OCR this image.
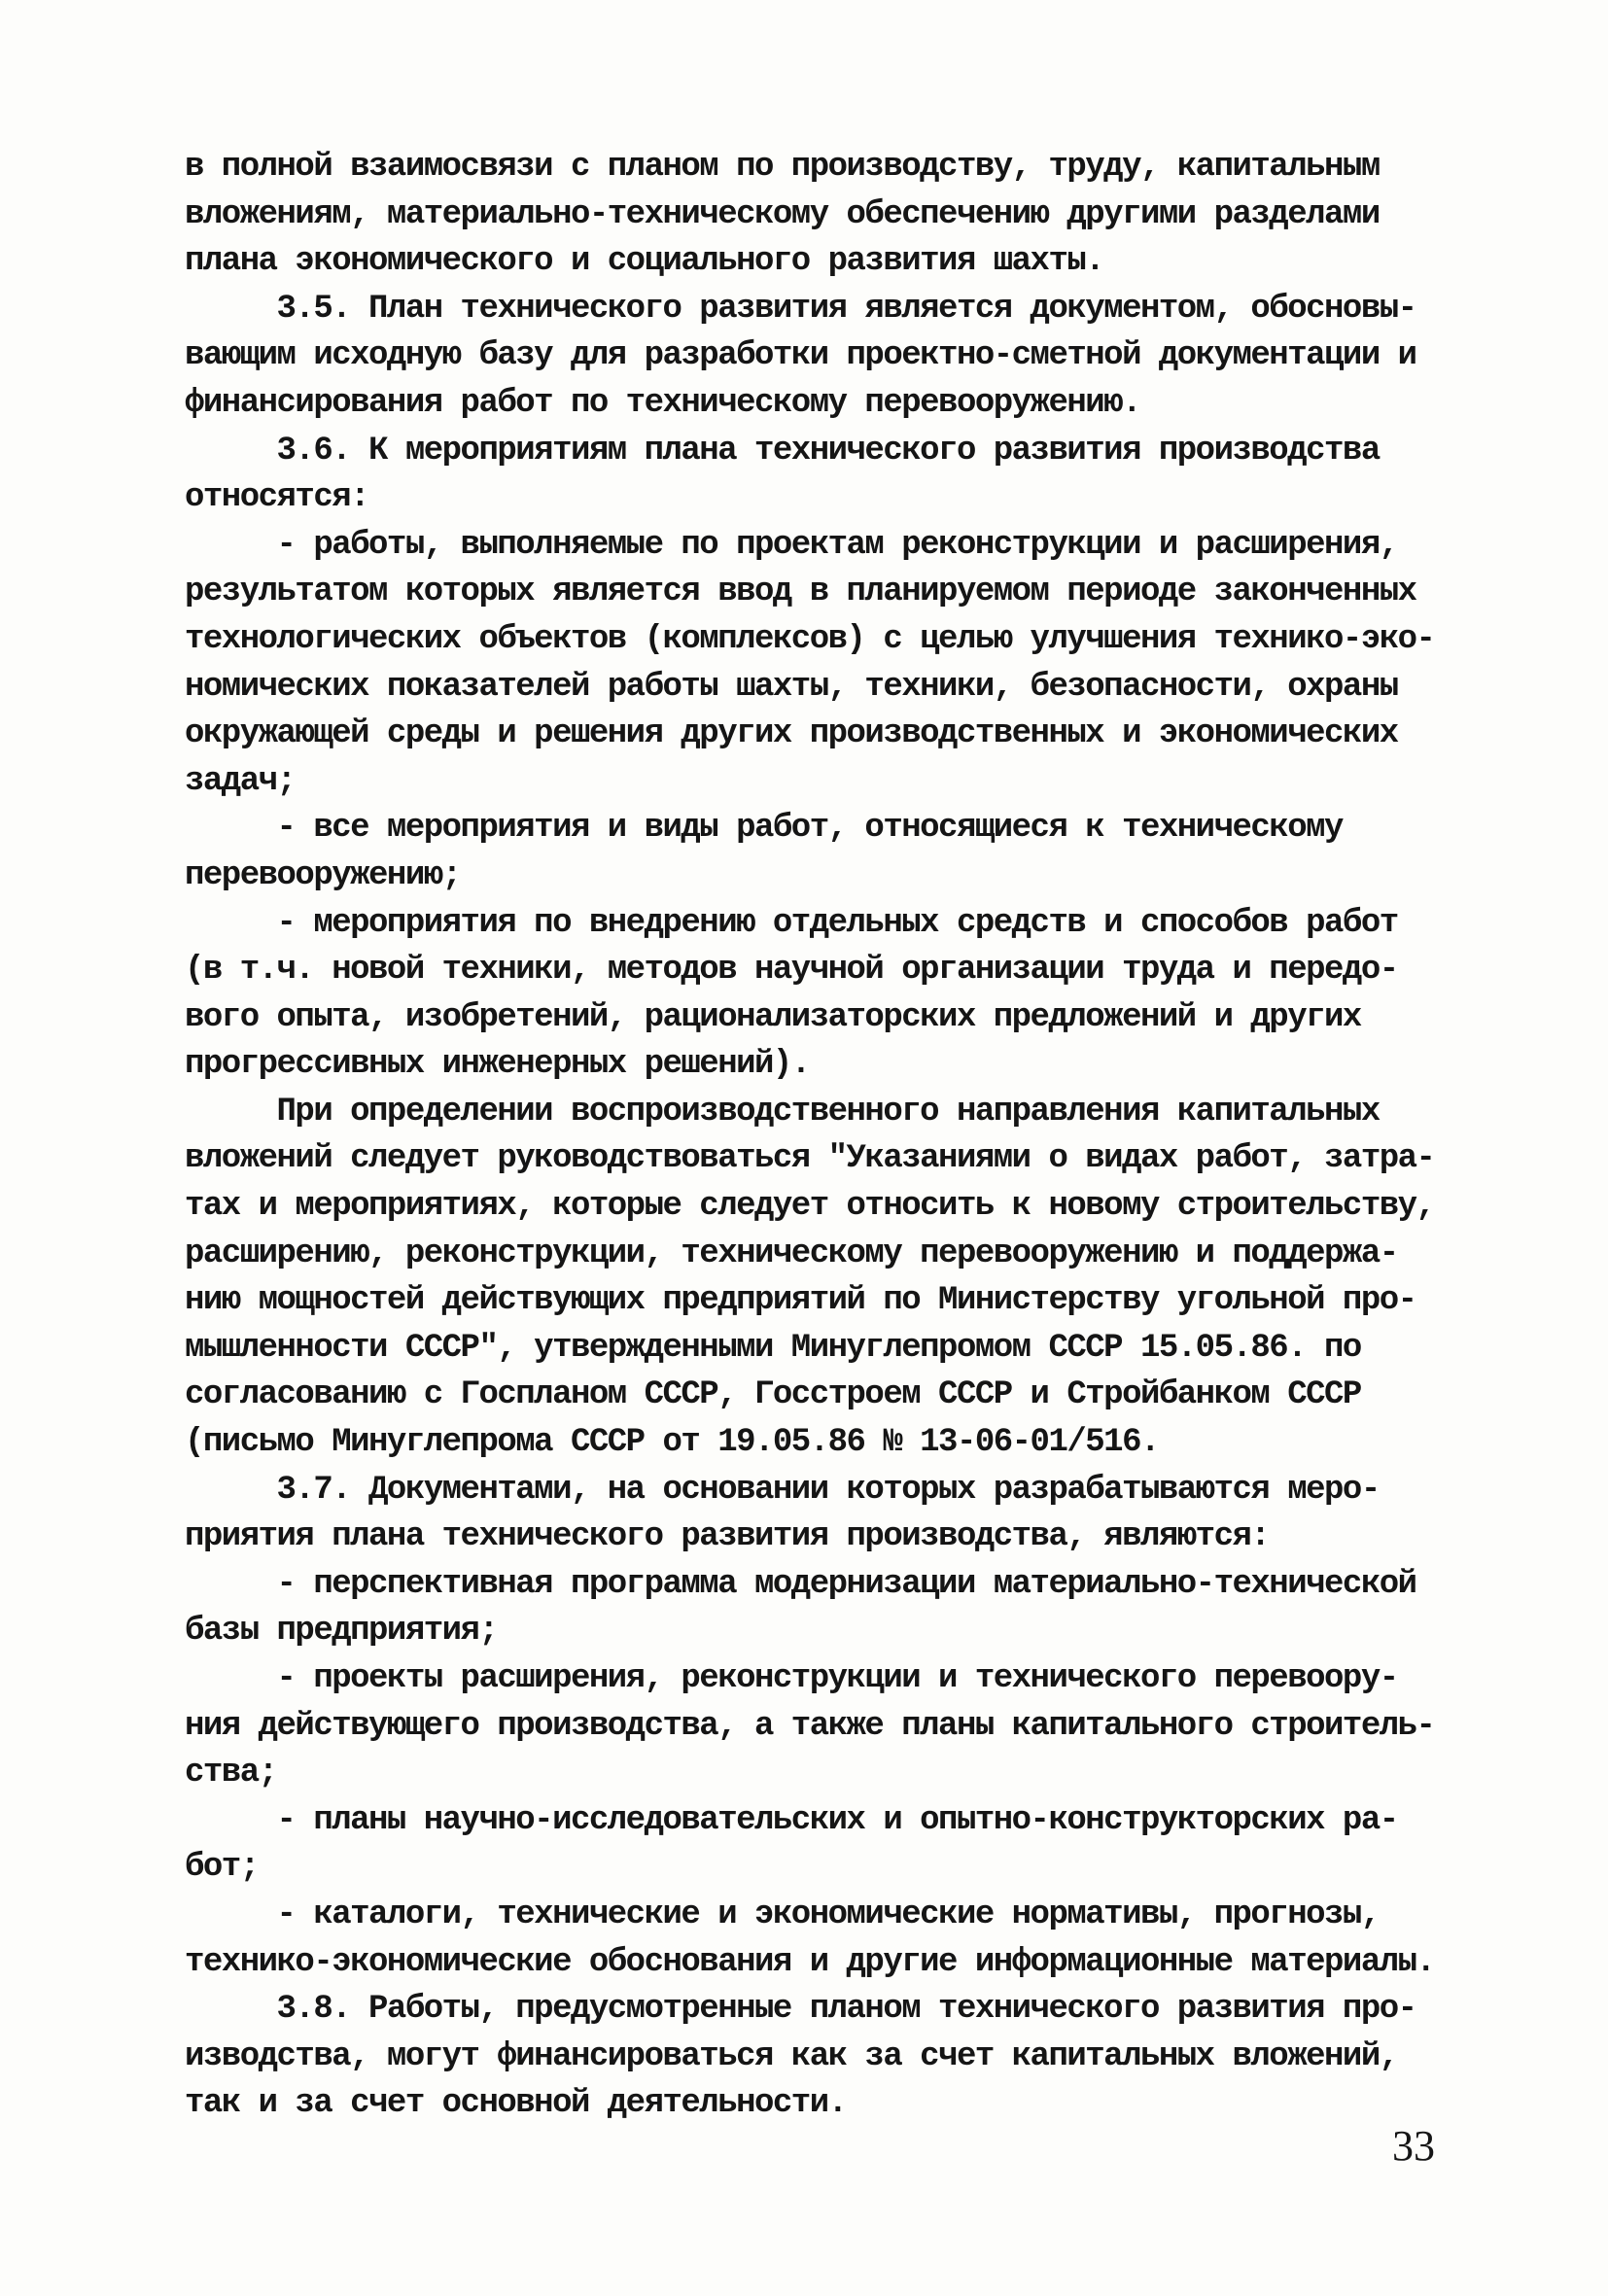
в полной взаимосвязи с планом по производству, труду, капитальным
вложениям, материально-техническому обеспечению другими разделами
плана экономического и социального развития шахты.
3.5. План технического развития является документом, обосновы-
вающим исходную базу для разработки проектно-сметной документации и
финансирования работ по техническому перевооружению.
3.6. К мероприятиям плана технического развития производства
относятся:
- работы, выполняемые по проектам реконструкции и расширения,
результатом которых является ввод в планируемом периоде законченных
технологических объектов (комплексов) с целью улучшения технико-эко-
номических показателей работы шахты, техники, безопасности, охраны
окружающей среды и решения других производственных и экономических
задач;
- все мероприятия и виды работ, относящиеся к техническому
перевооружению;
- мероприятия по внедрению отдельных средств и способов работ
(в т.ч. новой техники, методов научной организации труда и передо-
вого опыта, изобретений, рационализаторских предложений и других
прогрессивных инженерных решений).
При определении воспроизводственного направления капитальных
вложений следует руководствоваться "Указаниями о видах работ, затра-
тах и мероприятиях, которые следует относить к новому строительству,
расширению, реконструкции, техническому перевооружению и поддержа-
нию мощностей действующих предприятий по Министерству угольной про-
мышленности СССР", утвержденными Минуглепромом СССР 15.05.86. по
согласованию с Госпланом СССР, Госстроем СССР и Стройбанком СССР
(письмо Минуглепрома СССР от 19.05.86 № 13-06-01/516.
3.7. Документами, на основании которых разрабатываются меро-
приятия плана технического развития производства, являются:
- перспективная программа модернизации материально-технической
базы предприятия;
- проекты расширения, реконструкции и технического перевоору-
ния действующего производства, а также планы капитального строитель-
ства;
- планы научно-исследовательских и опытно-конструкторских ра-
бот;
- каталоги, технические и экономические нормативы, прогнозы,
технико-экономические обоснования и другие информационные материалы.
3.8. Работы, предусмотренные планом технического развития про-
изводства, могут финансироваться как за счет капитальных вложений,
так и за счет основной деятельности.
33
